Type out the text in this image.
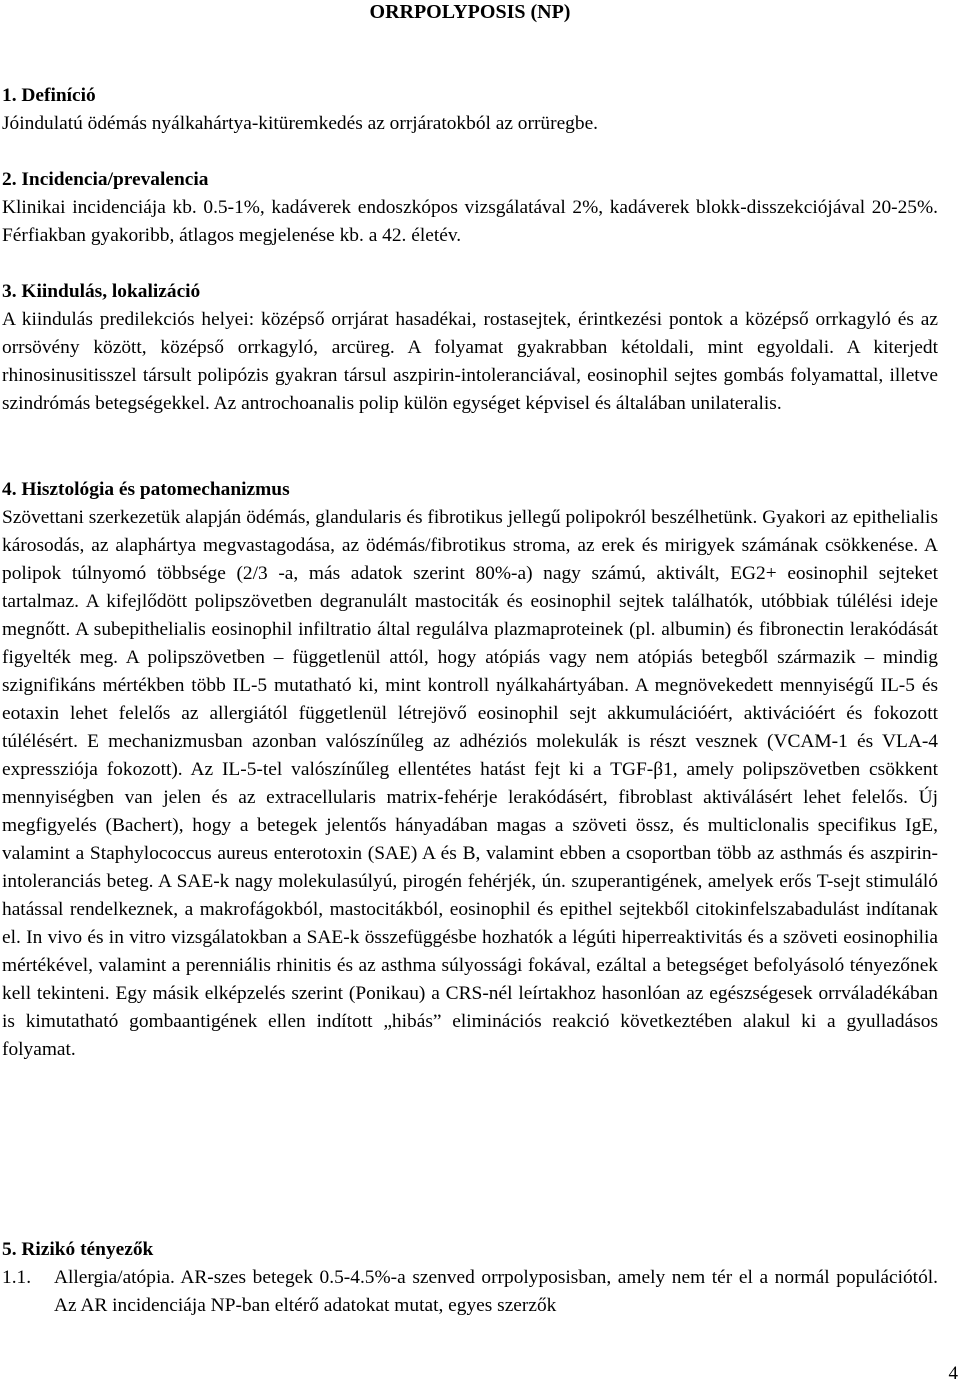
ORRPOLYPOSIS (NP)
1. Definíció
Jóindulatú ödémás nyálkahártya-kitüremkedés az orrjáratokból az orrüregbe.
2. Incidencia/prevalencia
Klinikai incidenciája kb. 0.5-1%, kadáverek endoszkópos vizsgálatával 2%, kadáverek blokk-disszekciójával 20-25%. Férfiakban gyakoribb, átlagos megjelenése kb. a 42. életév.
3. Kiindulás, lokalizáció
A kiindulás predilekciós helyei: középső orrjárat hasadékai, rostasejtek, érintkezési pontok a középső orrkagyló és az orrsövény között, középső orrkagyló, arcüreg. A folyamat gyakrabban kétoldali, mint egyoldali. A kiterjedt rhinosinusitisszel társult polipózis gyakran társul aszpirin-intoleranciával, eosinophil sejtes gombás folyamattal, illetve szindrómás betegségekkel. Az antrochoanalis polip külön egységet képvisel és általában unilateralis.
4. Hisztológia és patomechanizmus
Szövettani szerkezetük alapján ödémás, glandularis és fibrotikus jellegű polipokról beszélhetünk. Gyakori az epithelialis károsodás, az alaphártya megvastagodása, az ödémás/fibrotikus stroma, az erek és mirigyek számának csökkenése. A polipok túlnyomó többsége (2/3 -a, más adatok szerint 80%-a) nagy számú, aktivált, EG2+ eosinophil sejteket tartalmaz. A kifejlődött polipszövetben degranulált mastociták és eosinophil sejtek találhatók, utóbbiak túlélési ideje megnőtt. A subepithelialis eosinophil infiltratio által regulálva plazmaproteinek (pl. albumin) és fibronectin lerakódását figyelték meg. A polipszövetben – függetlenül attól, hogy atópiás vagy nem atópiás betegből származik – mindig szignifikáns mértékben több IL-5 mutatható ki, mint kontroll nyálkahártyában. A megnövekedett mennyiségű IL-5 és eotaxin lehet felelős az allergiától függetlenül létrejövő eosinophil sejt akkumulációért, aktivációért és fokozott túlélésért. E mechanizmusban azonban valószínűleg az adhéziós molekulák is részt vesznek (VCAM-1 és VLA-4 expressziója fokozott). Az IL-5-tel valószínűleg ellentétes hatást fejt ki a TGF-β1, amely polipszövetben csökkent mennyiségben van jelen és az extracellularis matrix-fehérje lerakódásért, fibroblast aktiválásért lehet felelős. Új megfigyelés (Bachert), hogy a betegek jelentős hányadában magas a szöveti össz, és multiclonalis specifikus IgE, valamint a Staphylococcus aureus enterotoxin (SAE) A és B, valamint ebben a csoportban több az asthmás és aszpirin-intoleranciás beteg. A SAE-k nagy molekulasúlyú, pirogén fehérjék, ún. szuperantigének, amelyek erős T-sejt stimuláló hatással rendelkeznek, a makrofágokból, mastocitákból, eosinophil és epithel sejtekből citokinfelszabadulást indítanak el. In vivo és in vitro vizsgálatokban a SAE-k összefüggésbe hozhatók a légúti hiperreaktivitás és a szöveti eosinophilia mértékével, valamint a perenniális rhinitis és az asthma súlyossági fokával, ezáltal a betegséget befolyásoló tényezőnek kell tekinteni. Egy másik elképzelés szerint (Ponikau) a CRS-nél leírtakhoz hasonlóan az egészségesek orrváladékában is kimutatható gombaantigének ellen indított „hibás” eliminációs reakció következtében alakul ki a gyulladásos folyamat.
5. Rizikó tényezők
1.1. Allergia/atópia. AR-szes betegek 0.5-4.5%-a szenved orrpolyposisban, amely nem tér el a normál populációtól. Az AR incidenciája NP-ban eltérő adatokat mutat, egyes szerzők
4
